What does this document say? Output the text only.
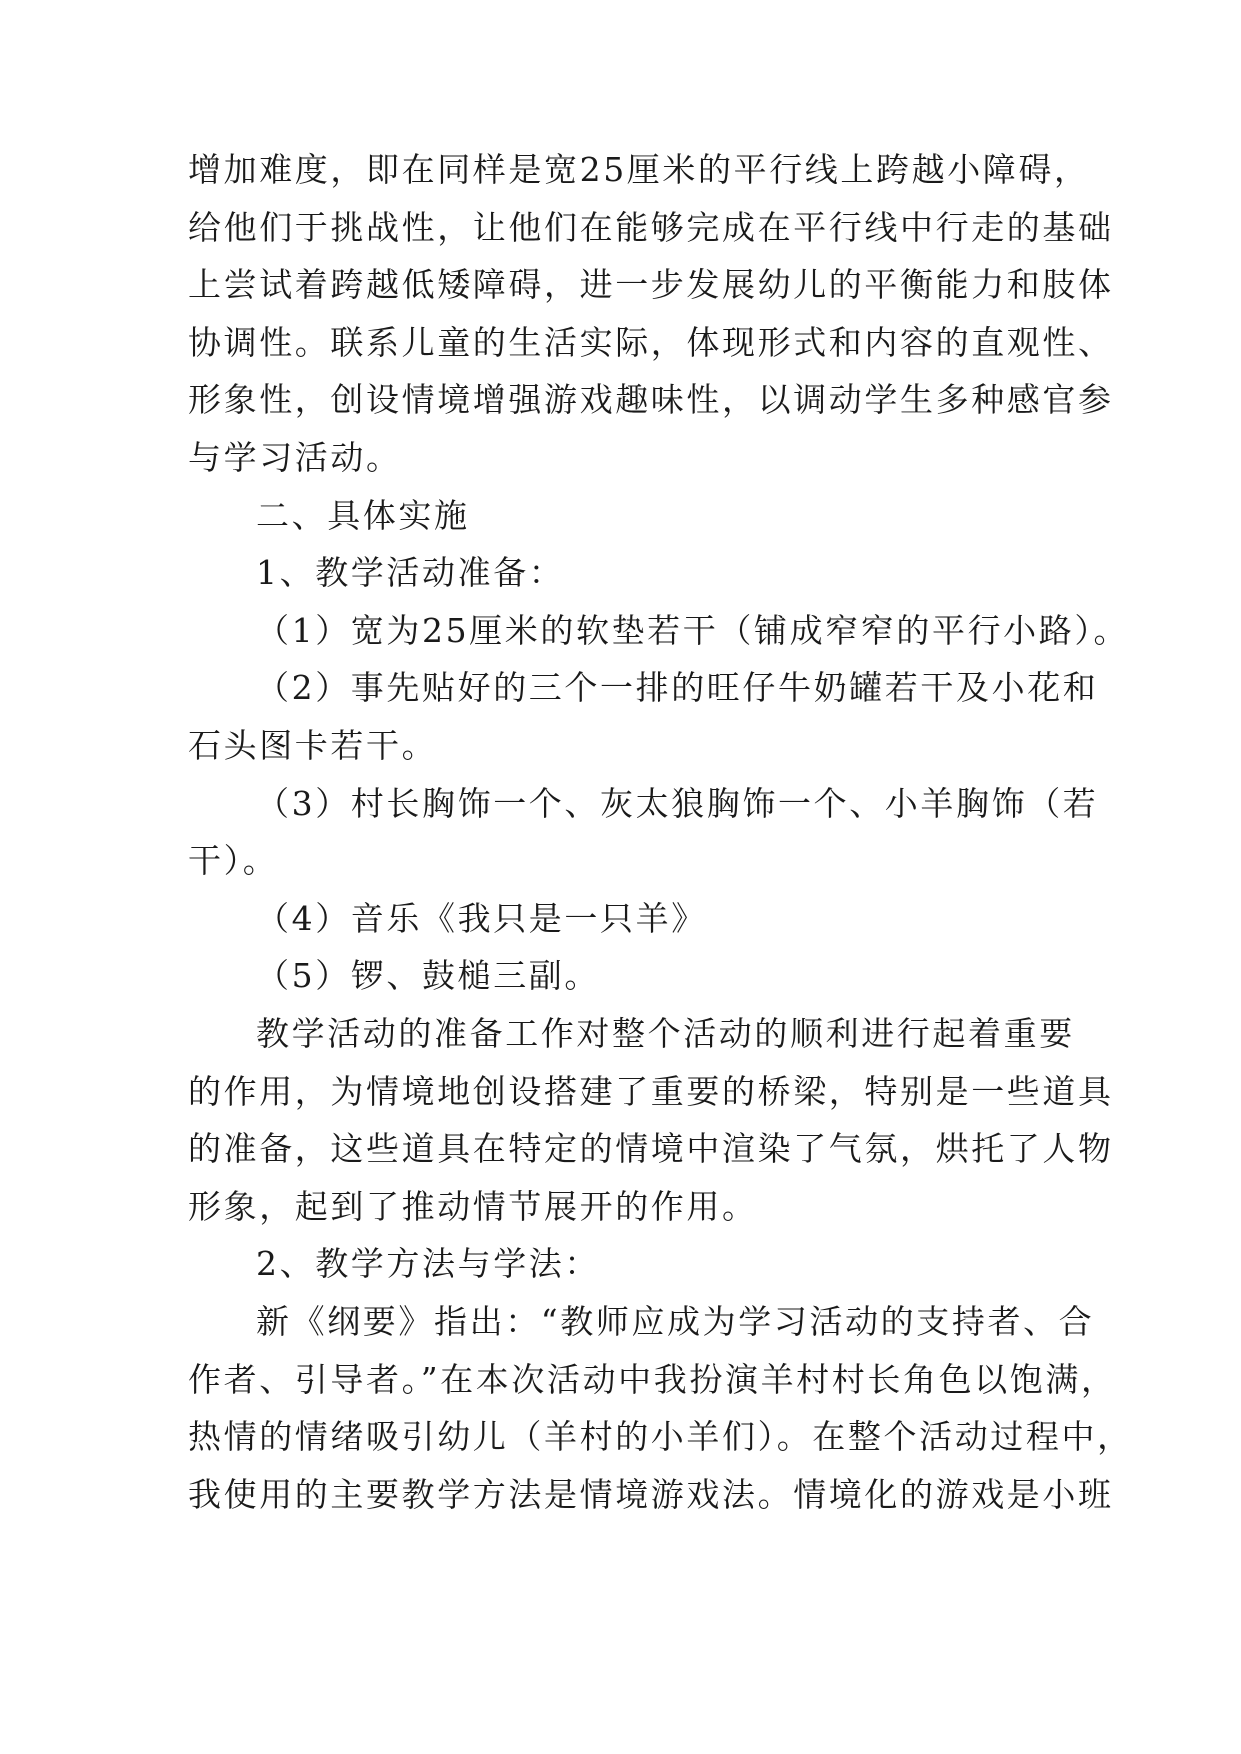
增加难度，即在同样是宽25厘米的平行线上跨越小障碍，
给他们于挑战性，让他们在能够完成在平行线中行走的基础
上尝试着跨越低矮障碍，进一步发展幼儿的平衡能力和肢体
协调性。联系儿童的生活实际，体现形式和内容的直观性、
形象性，创设情境增强游戏趣味性，以调动学生多种感官参
与学习活动。
二、具体实施
1、教学活动准备：
（1）宽为25厘米的软垫若干（铺成窄窄的平行小路）。
（2）事先贴好的三个一排的旺仔牛奶罐若干及小花和
石头图卡若干。
（3）村长胸饰一个、灰太狼胸饰一个、小羊胸饰（若
干）。
（4）音乐《我只是一只羊》
（5）锣、鼓槌三副。
教学活动的准备工作对整个活动的顺利进行起着重要
的作用，为情境地创设搭建了重要的桥梁，特别是一些道具
的准备，这些道具在特定的情境中渲染了气氛，烘托了人物
形象，起到了推动情节展开的作用。
2、教学方法与学法：
新《纲要》指出：“教师应成为学习活动的支持者、合
作者、引导者。”在本次活动中我扮演羊村村长角色以饱满，
热情的情绪吸引幼儿（羊村的小羊们）。在整个活动过程中，
我使用的主要教学方法是情境游戏法。情境化的游戏是小班
